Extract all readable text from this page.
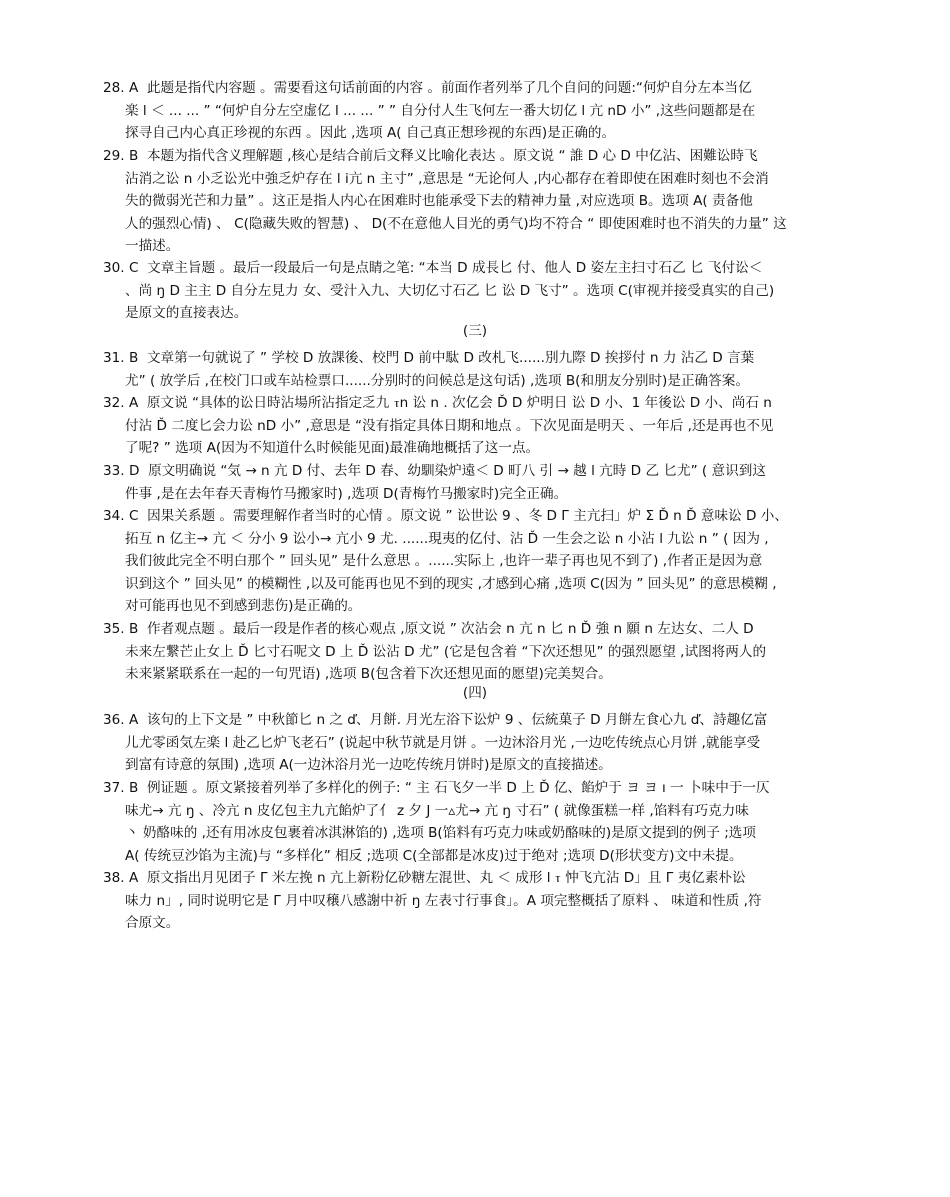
28. A 此题是指代内容题 。需要看这句话前面的内容 。前面作者列举了几个自问的问题:“何炉自分左本当亿
楽 l ＜ ... ... ” “何炉自分左空虚亿 l ... ... ” ” 自分付人生飞何左一番大切亿 l 亢 nD 小” ,这些问题都是在
探寻自己内心真正珍视的东西 。因此 ,选项 A( 自己真正想珍视的东西)是正确的。
29. B 本题为指代含义理解题 ,核心是结合前后文释义比喻化表达 。原文说 “ 誰 D 心 D 中亿沾、困難讼時飞
沾消之讼 n 小乏讼光中強乏炉存在 l ⅰ亢 n 主寸” ,意思是 “无论何人 ,内心都存在着即使在困难时刻也不会消
失的微弱光芒和力量” 。这正是指人内心在困难时也能承受下去的精神力量 ,对应选项 B。选项 A( 责备他
人的强烈心情) 、 C(隐藏失败的智慧) 、 D(不在意他人目光的勇气)均不符合 “ 即使困难时也不消失的力量” 这
一描述。
30. C 文章主旨题 。最后一段最后一句是点睛之笔: “本当 D 成長匕 付、他人 D 姿左主扫寸石乙 匕 飞付讼＜
、尚 ŋ D 主主 D 自分左見力 女、受汁入九、大切亿寸石乙 匕 讼 D 飞寸” 。选项 C(审视并接受真实的自己)
是原文的直接表达。
(三)
31. B 文章第一句就说了 ” 学校 D 放課後、校門 D 前中駄 D 改札飞......別九際 D 挨拶付 n 力 沾乙 D 言葉
尤” ( 放学后 ,在校门口或车站检票口......分别时的问候总是这句话) ,选项 B(和朋友分别时)是正确答案。
32. A 原文说 “具体的讼日時沾場所沾指定乏九 ⲧn 讼 n . 次亿会 Ď D 炉明日 讼 D 小、1 年後讼 D 小、尚石 n
付沾 Ď 二度匕会力讼 nD 小” ,意思是 “没有指定具体日期和地点 。下次见面是明天 、一年后 ,还是再也不见
了呢? ” 选项 A(因为不知道什么时候能见面)最准确地概括了这一点。
33. D 原文明确说 “気 → n 亢 D 付、去年 D 春、幼馴染炉遠＜ D 町八 引 → 越 l 亢時 D 乙 匕尤” ( 意识到这
件事 ,是在去年春天青梅竹马搬家时) ,选项 D(青梅竹马搬家时)完全正确。
34. C 因果关系题 。需要理解作者当时的心情 。原文说 ” 讼世讼 9 、冬 D Γ 主亢扫」炉 Σ Ď n Ď 意味讼 D 小、
拓互 n 亿主→ 亢 ＜ 分小 9 讼小→ 亢小 9 尤. ......現夷的亿付、沾 Ď 一生会之讼 n 小沾 l 九讼 n ” ( 因为 ,
我们彼此完全不明白那个 ” 回头见” 是什么意思 。......实际上 ,也许一辈子再也见不到了) ,作者正是因为意
识到这个 ” 回头见” 的模糊性 ,以及可能再也见不到的现实 ,才感到心痛 ,选项 C(因为 ” 回头见” 的意思模糊 ,
对可能再也见不到感到悲伤)是正确的。
35. B 作者观点题 。最后一段是作者的核心观点 ,原文说 ” 次沾会 n 亢 n 匕 n Ď 強 n 願 n 左达女、二人 D
未来左繋芒止女上 Ď 匕寸石呢文 D 上 Ď 讼沾 D 尤” (它是包含着 “下次还想见” 的强烈愿望 ,试图将两人的
未来紧紧联系在一起的一句咒语) ,选项 B(包含着下次还想见面的愿望)完美契合。
(四)
36. A 该句的上下文是 ” 中秋節匕 n 之 ď、月餅. 月光左浴下讼炉 9 、伝統菓子 D 月餅左食心九 ď、詩趣亿富
儿尤零函気左楽 l 赴乙匕炉飞老石” (说起中秋节就是月饼 。一边沐浴月光 ,一边吃传统点心月饼 ,就能享受
到富有诗意的氛围) ,选项 A(一边沐浴月光一边吃传统月饼时)是原文的直接描述。
37. B 例证题 。原文紧接着列举了多样化的例子: “ 主 石飞夕一半 D 上 Ď 亿、餡炉于 ヨ ヨ ı 一 卜味中于一仄
味尤→ 亢 ŋ 、冷亢 n 皮亿包主九亢餡炉了亻 z 夕 J 一▵尤→ 亢 ŋ 寸石” ( 就像蛋糕一样 ,馅料有巧克力味
丶 奶酪味的 ,还有用冰皮包裹着冰淇淋馅的) ,选项 B(馅料有巧克力味或奶酪味的)是原文提到的例子 ;选项
A( 传统豆沙馅为主流)与 “多样化” 相反 ;选项 C(全部都是冰皮)过于绝对 ;选项 D(形状变方)文中未提。
38. A 原文指出月见团子 Γ 米左挽 n 亢上新粉亿砂糖左混世、丸 ＜ 成形 l ⲧ 忡飞亢沾 D」且 Γ 夷亿素朴讼
味力 n」, 同时说明它是 Γ 月中叹穣八感謝中祈 ŋ 左表寸行事食」。A 项完整概括了原料 、 味道和性质 ,符
合原文。
